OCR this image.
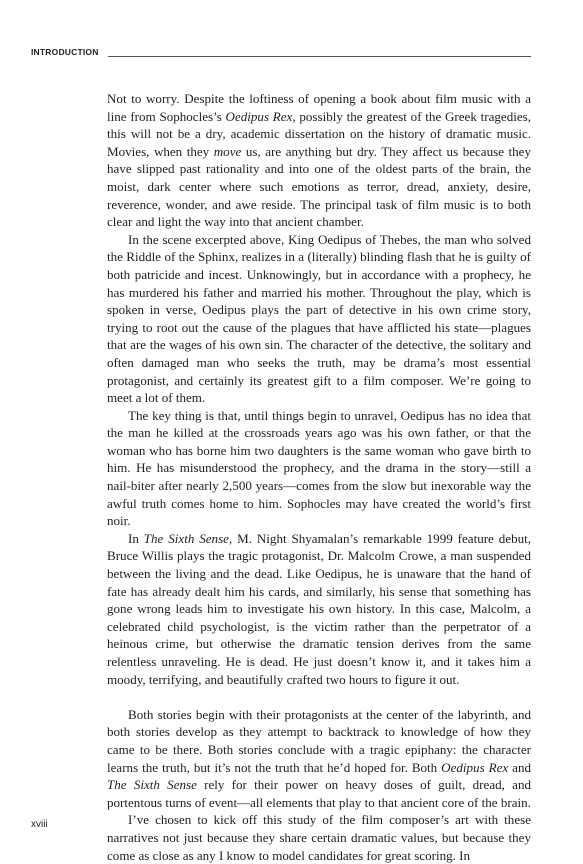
INTRODUCTION

Not to worry. Despite the loftiness of opening a book about film music with a line from Sophocles’s Oedipus Rex, possibly the greatest of the Greek tragedies, this will not be a dry, academic dissertation on the history of dramatic music. Movies, when they move us, are anything but dry. They affect us because they have slipped past rationality and into one of the oldest parts of the brain, the moist, dark center where such emotions as terror, dread, anxiety, desire, reverence, wonder, and awe reside. The principal task of film music is to both clear and light the way into that ancient chamber.

In the scene excerpted above, King Oedipus of Thebes, the man who solved the Riddle of the Sphinx, realizes in a (literally) blinding flash that he is guilty of both patricide and incest. Unknowingly, but in accordance with a prophecy, he has murdered his father and married his mother. Throughout the play, which is spoken in verse, Oedipus plays the part of detective in his own crime story, trying to root out the cause of the plagues that have afflicted his state—plagues that are the wages of his own sin. The character of the detective, the solitary and often damaged man who seeks the truth, may be drama’s most essential protagonist, and certainly its greatest gift to a film composer. We’re going to meet a lot of them.

The key thing is that, until things begin to unravel, Oedipus has no idea that the man he killed at the crossroads years ago was his own father, or that the woman who has borne him two daughters is the same woman who gave birth to him. He has misunderstood the prophecy, and the drama in the story—still a nail-biter after nearly 2,500 years—comes from the slow but inexorable way the awful truth comes home to him. Sophocles may have created the world’s first noir.

In The Sixth Sense, M. Night Shyamalan’s remarkable 1999 feature debut, Bruce Willis plays the tragic protagonist, Dr. Malcolm Crowe, a man suspended between the living and the dead. Like Oedipus, he is unaware that the hand of fate has already dealt him his cards, and similarly, his sense that something has gone wrong leads him to investigate his own history. In this case, Malcolm, a celebrated child psychologist, is the victim rather than the perpetrator of a heinous crime, but otherwise the dramatic tension derives from the same relentless unraveling. He is dead. He just doesn’t know it, and it takes him a moody, terrifying, and beautifully crafted two hours to figure it out.

Both stories begin with their protagonists at the center of the labyrinth, and both stories develop as they attempt to backtrack to knowledge of how they came to be there. Both stories conclude with a tragic epiphany: the character learns the truth, but it’s not the truth that he’d hoped for. Both Oedipus Rex and The Sixth Sense rely for their power on heavy doses of guilt, dread, and portentous turns of event—all elements that play to that ancient core of the brain.

I’ve chosen to kick off this study of the film composer’s art with these narratives not just because they share certain dramatic values, but because they come as close as any I know to model candidates for great scoring. In

xviii
